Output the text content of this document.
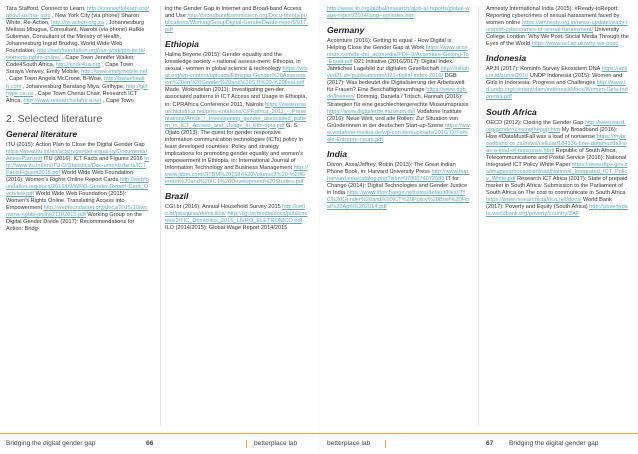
Tara Stafford, Connect to Learn, http://connecttolearn.org/about-us/ma- ssio , New York City (via phone) Sharon White, Re-Action, http://re-action.org.za , Johannesburg Melissa Mbugua, Consultant, Nairobi (via phone) Hafkie Sulieman, Consultant of the Ministry of Health, Johannesburg Ingrid Brudvig, World Wide Web Foundation, http://webfoundation.org/our-work/pro-jects/womens-rights-online/ , Cape Town Jennifer Walker, Code4South Africa, http://code4sa.org , Cape Town Soraya Verwey, Emily Mobile, http://www.emilymobile.net , Cape Town Angela McCrone, B-Wise, http://bwisehealth.com , Johannesburg Baratang Miya, Girlhype, http://girlhype.co.za , Cape Town Chenai Chair, Research ICT Africa, http://www.researchictafrica.net , Cape Town

2. Selected literature
General literature

ITU (2015): Action Plan to Close the Digital Gender Gap https://www.itu.int/en/action/gender-equal-ity/Documents/ActionPlan.pdf ITU (2016): ICT Facts and Figures 2016 http://www.itu.int/en/ITU-D/Statistics/Doc-uments/facts/ICTFactsFigures2016.pdf World Wide Web Foundation (2016): Women's Rights Online Report Cards http://webfoundation.org/docs/2016/09/WRO-Gender-Report-Card_Overview.pdf World Wide Web Foundation (2015): Women's Rights Online. Translating Access into Empowerment http://webfoundation.org/docs/2015/10/womens-rights-online21102015.pdf Working Group on the Digital Gender Divide (2017): Recommendations for Action: Bridg-

ing the Gender Gap in Internet and Broad-band Access and Use http://broadbandcommission.org/Docu-ments/publications/WorkingGroupDigital-GenderDivide-report2017.pdf

Ethiopia

Halina Beyene (2015): Gender equality and the knowledge society – national assess-ment: Ethiopia, in sexual - women in global science & technology https://wisat.org/wp-content/uploads/Ethiopia-Gender%20Assessment%20on%20Gender%20and%20STI%20-%20final.pdf Made, Wokindelan (2011): Investigating gen-der associated patterns in ICT Access and Usage in Ethiopia, in: CPRAfrica Conference 2011, Nairobi https://www.researchictafrica.net/pres-entations/CPRafrica_2011_-_Presentations/Amde_-_Investigating_gender_associated_pattern_in_ICT_Access_and_Usage_in_Ethi-opia.pdf G. S. Ojiato (2013): The quest for gender responsive information communication technologies (ICTs) policy in least developed countries: Policy and strategy implications for promoting gender equality and women's empowerment in Ethiopia, in: International Journal of Information Technology and Business Management http://www.jitbm.com/JITBM%2015th%20Volume/3%20-%20Gender%20and%20ICT%20Development%20Studies.pdf

Brazil

CGI.br (2016): Annual Household Survey 2015 http://cetic.br/pesquisa/domicilios/ http://cgi.br/media/docs/publicacoes/2/TIC_Domicilios_2015_LIVRO_ELETRONICO.pdf ILO (2014/2015): Global Wage Report 2014/2015

http://www.ilo.org/global/research/glob-al-reports/global-wage-report/2014/lang--en/index.htm

Germany

Accenture (2016): Getting to equal - How Digital is Helping Close the Gender Gap at Work https://www.accenture.com/de-de/_acnmedia/PDF-9/Accenture-Getting-To-Equal.pdf D21 Initiative (2016/2017): Digital Index. Jährliches Lagebild zur digitalen Gesellschaft http://initiatived21.de/publikationen/d21-digital-index-2016/ DGB (2017): Was bedeutet die Digitalisierung der Arbeitswelt für Frauen? Eine Beschäftigtenumfrage https://www.dgb.de/themen/ Dömmig, Daniela / Tritsch, Hannah (2016): Strategien für eine geschlechtergerechte Museumspraxis https://www.digitalerbe.museum.de/ Vodafone Institute (2016): Neue Welt, und alte Rollen: Zur Situation von Gründerinnen in der deutschen Start-up-Szene https://www.vodafone-institut.de/wp-con-tent/uploads/2016/12/Female-Entrepre-neurs.pdf

India

Doron, Assa/Jeffrey, Robin (2013): The Great Indian Phone Book, in: Harvard University Press http://www.hup.harvard.edu/catalog.php?isbn=9780674072688 IT for Change (2014): Digital Technologies and Gender Justice in India https://www.itforchange.net/sites/default/files/ITfC%20Gender%20and%20ICT%20Policy%20Brief%20Final%20April%202014.pdf

Amnesty International India (2015): #Ready-toReport: Reporting cybercrimes of sexual harassment faced by women online https://amnesty.org.in/news-update/ready-toreport-cybercrimes-of-sexual-harassment/ University College London: Why We Post. Social Media Through the Eyes of the World https://www.ucl.ac.uk/why-we-post/

Indonesia

APJII (2017): Kominfo Survey Ekosistem DNA https://apjii.or.id/survei2016 UNDP Indonesia (2015): Women and Girls in Indonesia: Progress and Challenges http://www.id.undp.org/content/dam/indonesia/docs/Women-Girls-Indonesia.pdf

South Africa

OECD (2012): Closing the Gender Gap http://www.oecd.org/gender/closingthegap.htm My Broadband (2016): How #DataMustFall was a load of nonsense https://mybroadband.co.za/news/cellular/184336-how-datamustfall-was-a-load-of-nonsense.html Republic of South Africa, Telecommunications and Postal Service (2016): National Integrated ICT Policy White Paper https://www.dtps.gov.za/images/phocadownload/National_Integrated_ICT_Policy_White.pdf Research ICT Africa (2017): State of prepaid market in South Africa: Submission to the Parliament of South Africa on The cost to communicate in South Africa https://www.researchictafrica.net/docs/ World Bank (2017): Poverty and Equity (South Africa) http://povertydata.worldbank.org/poverty/country/ZAF

Bridging the digital gender gap	66	betterplace lab	betterplace lab	67 Bridging the digital gender gap
